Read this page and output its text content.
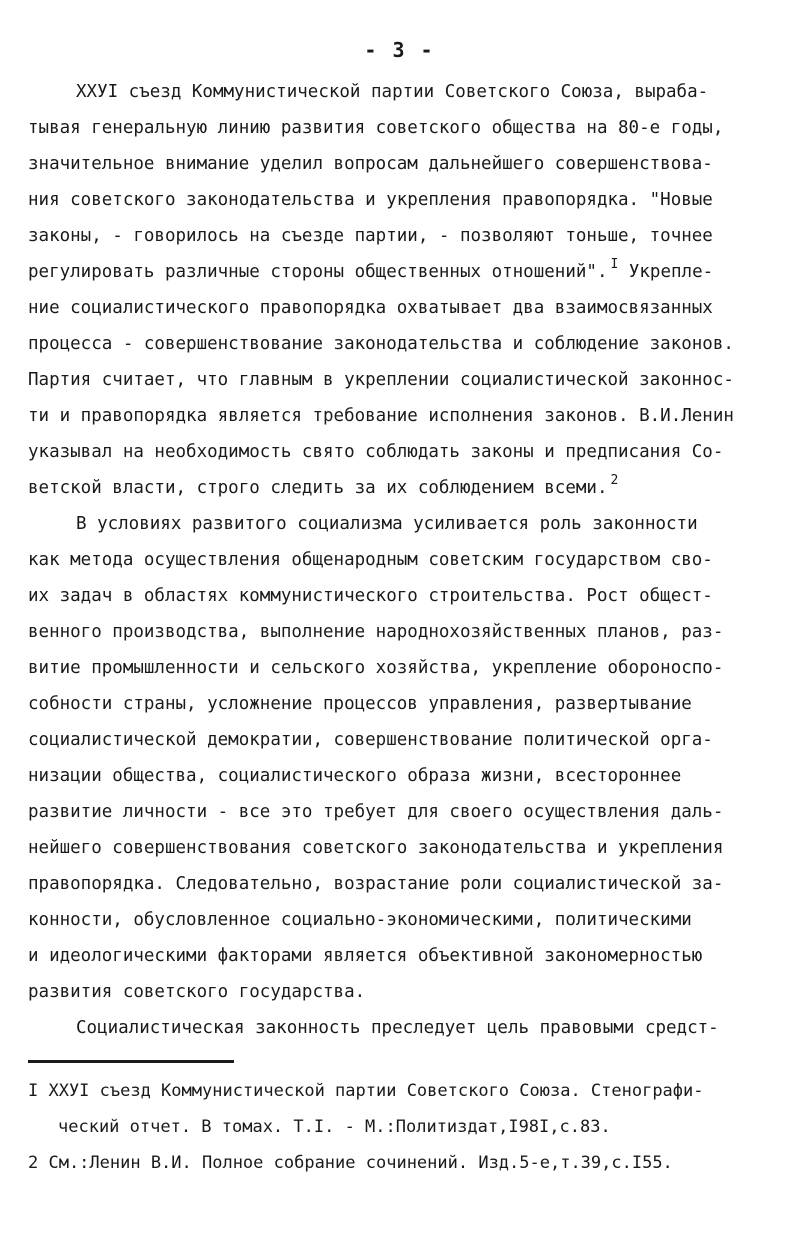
- 3 -
XXУI съезд Коммунистической партии Советского Союза, выраба-
тывая генеральную линию развития советского общества на 80-е годы,
значительное внимание уделил вопросам дальнейшего совершенствова-
ния советского законодательства и укрепления правопорядка. "Новые
законы, - говорилось на съезде партии, - позволяют тоньше, точнее
регулировать различные стороны общественных отношений". $^I$ Укрепле-
ние социалистического правопорядка охватывает два взаимосвязанных
процесса - совершенствование законодательства и соблюдение законов.
Партия считает, что главным в укреплении социалистической законнос-
ти и правопорядка является требование исполнения законов. В.И.Ленин
указывал на необходимость свято соблюдать законы и предписания Со-
ветской власти, строго следить за их соблюдением всеми. $^2$
В условиях развитого социализма усиливается роль законности
как метода осуществления общенародным советским государством сво-
их задач в областях коммунистического строительства. Рост общест-
венного производства, выполнение народнохозяйственных планов, раз-
витие промышленности и сельского хозяйства, укрепление обороноспо-
собности страны, усложнение процессов управления, развертывание
социалистической демократии, совершенствование политической орга-
низации общества, социалистического образа жизни, всестороннее
развитие личности - все это требует для своего осуществления даль-
нейшего совершенствования советского законодательства и укрепления
правопорядка. Следовательно, возрастание роли социалистической за-
конности, обусловленное социально-экономическими, политическими
и идеологическими факторами является объективной закономерностью
развития советского государства.
Социалистическая законность преследует цель правовыми средст-
I XXУI съезд Коммунистической партии Советского Союза. Стенографи-
ческий отчет. В томах. Т.I. - М.:Политиздат,I98I,с.83.
2 См.:Ленин В.И. Полное собрание сочинений. Изд.5-е,т.39,с.I55.
